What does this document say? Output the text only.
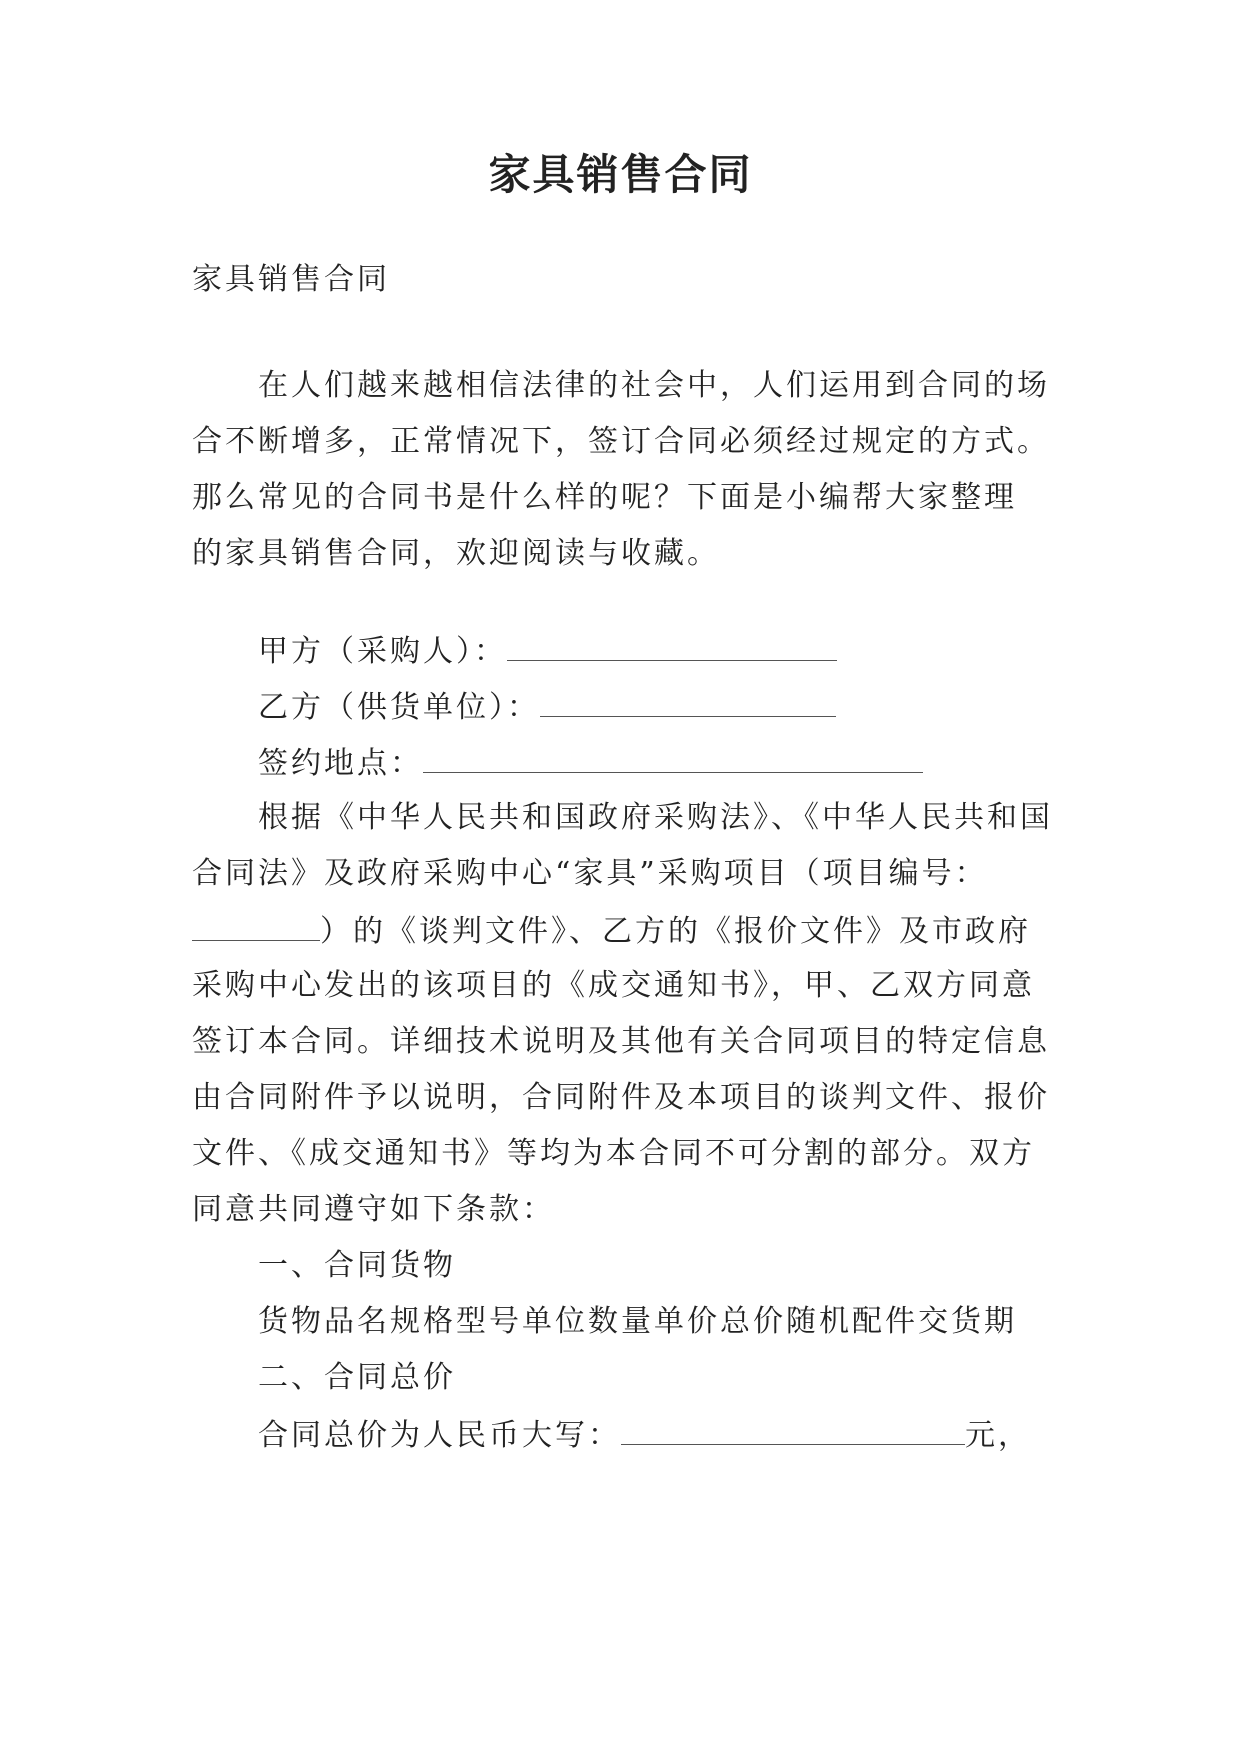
家具销售合同
家具销售合同
在人们越来越相信法律的社会中，人们运用到合同的场
合不断增多，正常情况下，签订合同必须经过规定的方式。
那么常见的合同书是什么样的呢？下面是小编帮大家整理
的家具销售合同，欢迎阅读与收藏。
甲方（采购人）：
乙方（供货单位）：
签约地点：
根据《中华人民共和国政府采购法》、《中华人民共和国
合同法》及政府采购中心“家具”采购项目（项目编号：
）的《谈判文件》、乙方的《报价文件》及市政府
采购中心发出的该项目的《成交通知书》，甲、乙双方同意
签订本合同。详细技术说明及其他有关合同项目的特定信息
由合同附件予以说明，合同附件及本项目的谈判文件、报价
文件、《成交通知书》等均为本合同不可分割的部分。双方
同意共同遵守如下条款：
一、合同货物
货物品名规格型号单位数量单价总价随机配件交货期
二、合同总价
合同总价为人民币大写：	元，
